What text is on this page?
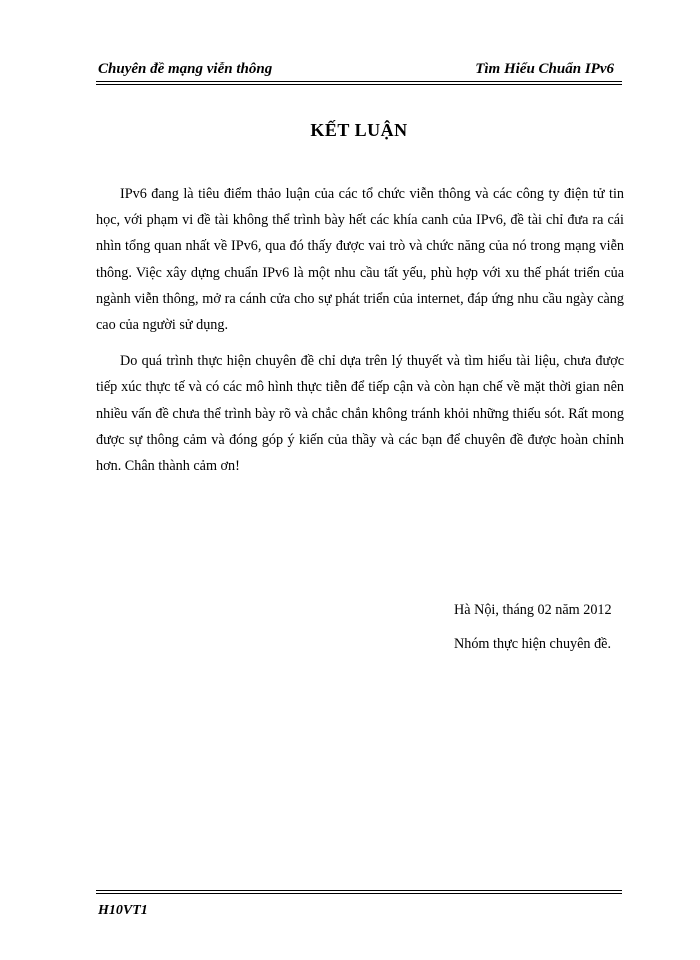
Chuyên đề mạng viễn thông	Tìm Hiểu Chuẩn IPv6
KẾT LUẬN

IPv6 đang là tiêu điểm thảo luận của các tổ chức viễn thông và các công ty điện tử tin học, với phạm vi đề tài không thể trình bày hết các khía canh của IPv6, đề tài chỉ đưa ra cái nhìn tổng quan nhất về IPv6, qua đó thấy được vai trò và chức năng của nó trong mạng viễn thông. Việc xây dựng chuẩn IPv6 là một nhu cầu tất yếu, phù hợp với xu thế phát triển của ngành viễn thông, mở ra cánh cửa cho sự phát triển của internet, đáp ứng nhu cầu ngày càng cao của người sử dụng.

Do quá trình thực hiện chuyên đề chỉ dựa trên lý thuyết và tìm hiểu tài liệu, chưa được tiếp xúc thực tế và có các mô hình thực tiễn để tiếp cận và còn hạn chế về mặt thời gian nên nhiều vấn đề chưa thể trình bày rõ và chắc chắn không tránh khỏi những thiếu sót. Rất mong được sự thông cảm và đóng góp ý kiến của thầy và các bạn để chuyên đề được hoàn chỉnh hơn. Chân thành cảm ơn!

Hà Nội, tháng 02 năm 2012
Nhóm thực hiện chuyên đề.
H10VT1
